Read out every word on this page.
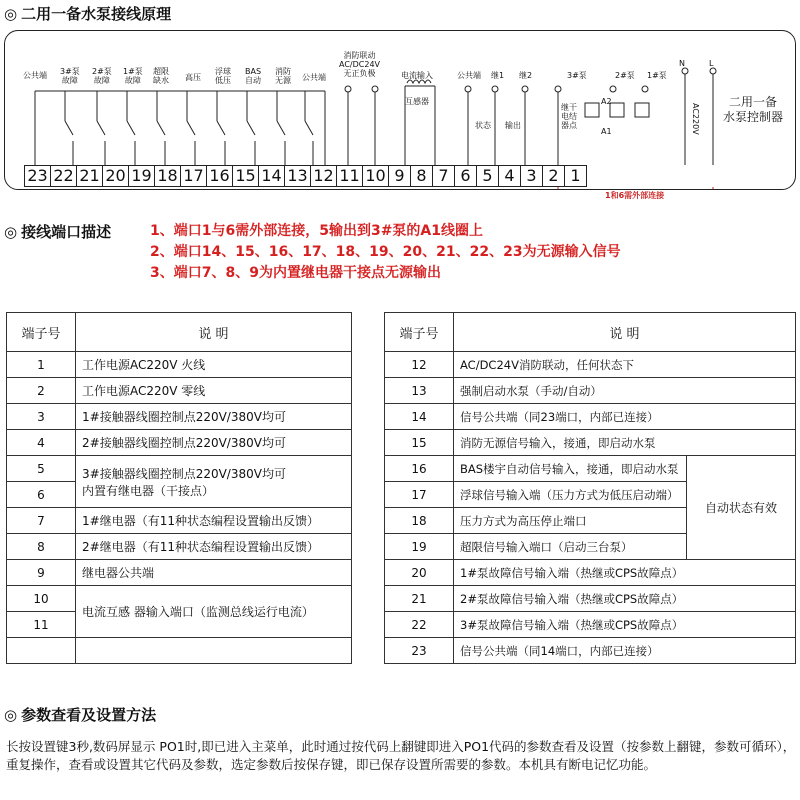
◎ 二用一备水泵接线原理
公共端 3#泵
故障
2#泵
故障
1#泵
故障
超限
缺水 高压
浮球
低压
BAS
自动
消防
无源 公共端
消防联动
AC/DC24V
无正负极	电流输入
互感器
公共端 继1 继2
状态 输出
3#泵	2#泵 1#泵
继干
电结
器点
A2
A1
N	L
AC220V
二用一备
水泵控制器
23 22 21 20 19 18 17 16 15 14 13 12 11 10 9 8 7 6 5 4 3 2 1
1和6需外部连接
◎ 接线端口描述	1、端口1与6需外部连接，5输出到3#泵的A1线圈上
2、端口14、15、16、17、18、19、20、21、22、23为无源输入信号
3、端口7、8、9为内置继电器干接点无源输出
端子号	说 明
1	工作电源AC220V 火线
2	工作电源AC220V 零线
3	1#接触器线圈控制点220V/380V均可
4	2#接触器线圈控制点220V/380V均可
5	3#接触器线圈控制点220V/380V均可
内置有继电器（干接点）

6	
7	1#继电器（有11种状态编程设置输出反馈）
8	2#继电器（有11种状态编程设置输出反馈）
9	继电器公共端
10	电流互感 器输入端口（监测总线运行电流）
11	

端子号	说 明	
12	AC/DC24V消防联动，任何状态下	
13	强制启动水泵（手动/自动）	
14	信号公共端（同23端口，内部已连接）	
15	消防无源信号输入，接通，即启动水泵	
16	BAS楼宇自动信号输入，接通，即启动水泵	自动状态有效
17	浮球信号输入端（压力方式为低压启动端）	
18	压力方式为高压停止端口	
19	超限信号输入端口（启动三台泵）	
20	1#泵故障信号输入端（热继或CPS故障点）	
21	2#泵故障信号输入端（热继或CPS故障点）	
22	3#泵故障信号输入端（热继或CPS故障点）	
23	信号公共端（同14端口，内部已连接）	
◎ 参数查看及设置方法
长按设置键3秒,数码屏显示 PO1时,即已进入主菜单，此时通过按代码上翻键即进入PO1代码的参数查看及设置（按参数上翻键，参数可循环），重复操作，查看或设置其它代码及参数，选定参数后按保存键，即已保存设置所需要的参数。本机具有断电记忆功能。
